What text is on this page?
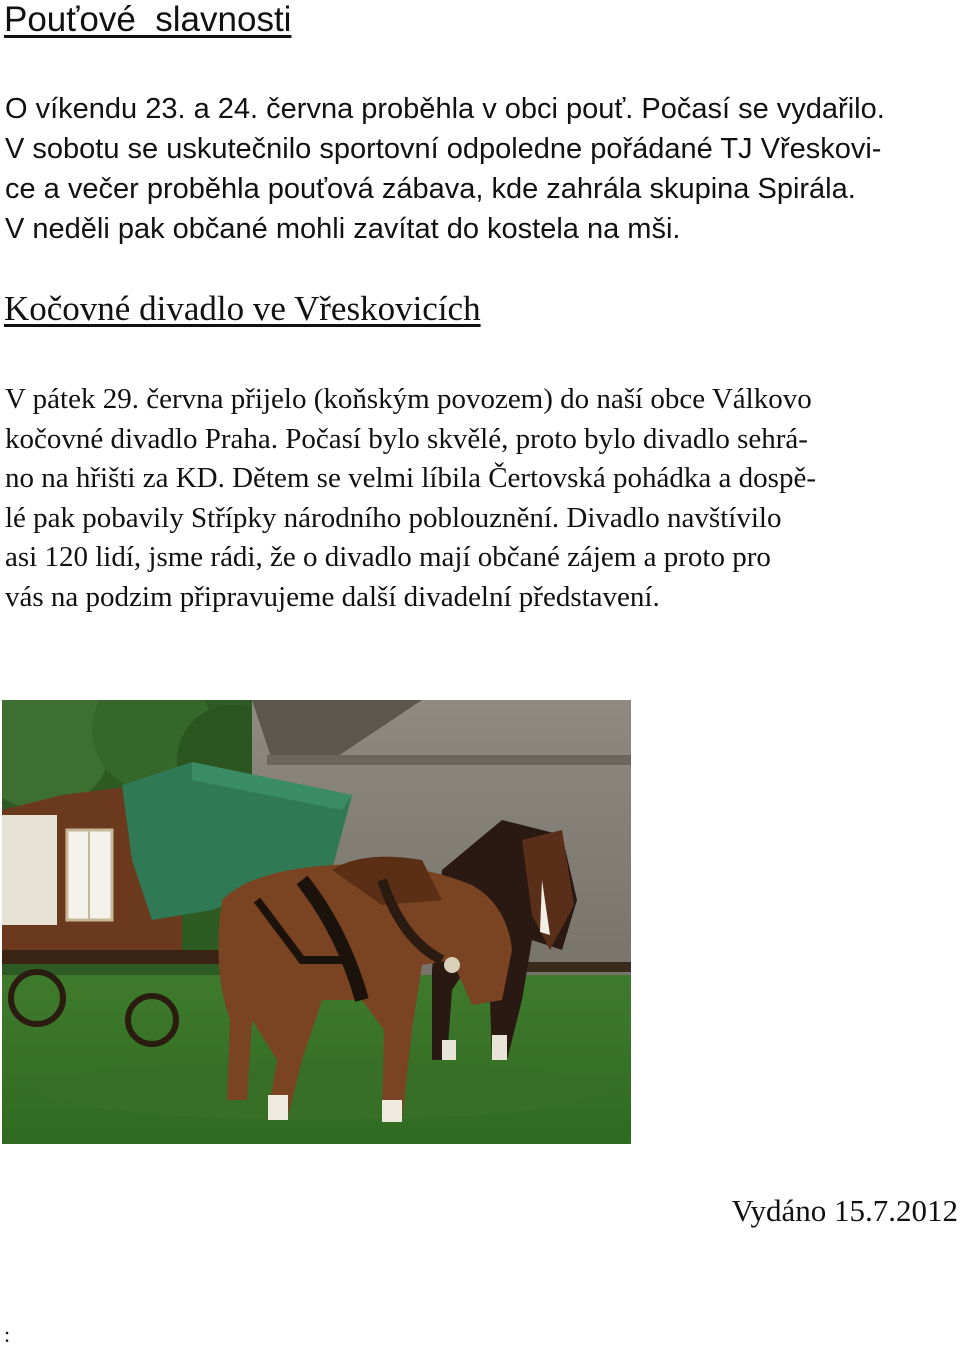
Pouťové  slavnosti
O víkendu 23. a 24. června proběhla v obci pouť. Počasí se vydařilo.
V sobotu se uskutečnilo sportovní odpoledne pořádané TJ Vřeskovi-
ce a večer proběhla pouťová zábava, kde zahrála skupina Spirála.
V neděli pak občané mohli zavítat do kostela na mši.
Kočovné divadlo ve Vřeskovicích
V pátek 29. června přijelo (koňským povozem) do naší obce Válkovo
kočovné divadlo Praha. Počasí bylo skvělé, proto bylo divadlo sehrá-
no na hřišti za KD. Dětem se velmi líbila Čertovská pohádka a dospě-
lé pak pobavily Střípky národního poblouznění. Divadlo navštívilo
asi 120 lidí, jsme rádi, že o divadlo mají občané zájem a proto pro
vás na podzim připravujeme další divadelní představení.
Vydáno 15.7.2012
:
